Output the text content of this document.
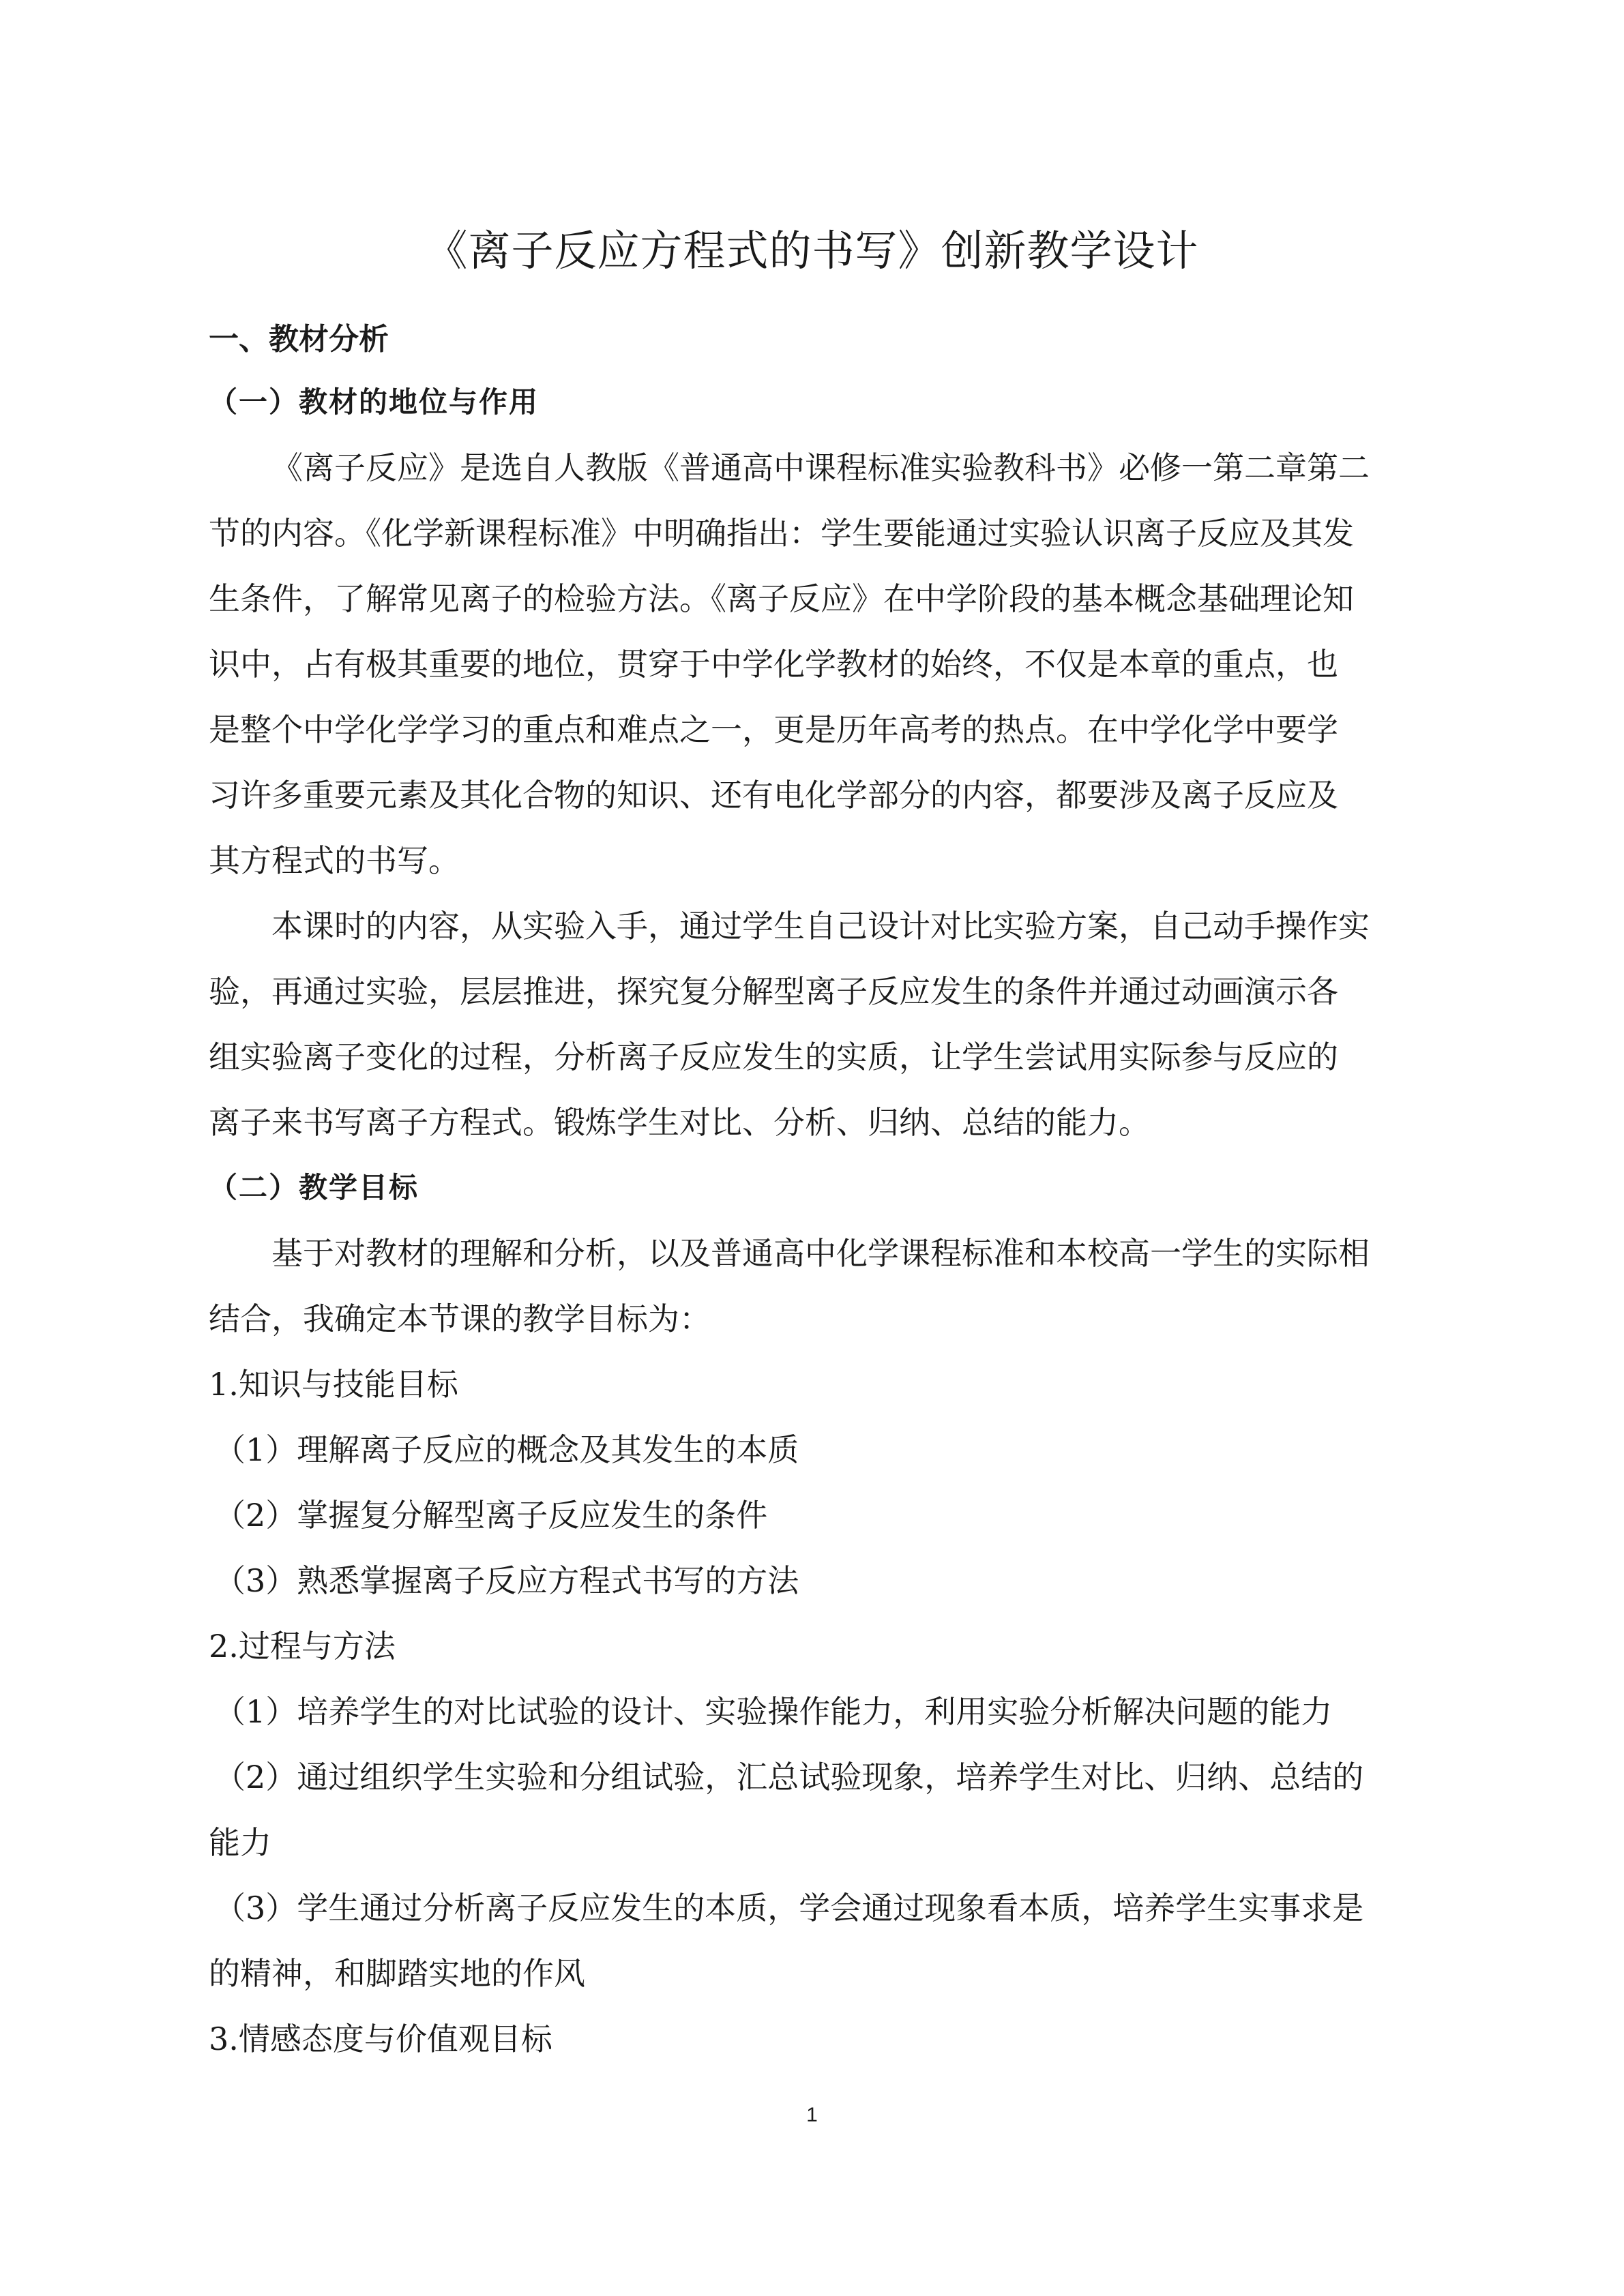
《离子反应方程式的书写》创新教学设计
一、教材分析
（一）教材的地位与作用
《离子反应》是选自人教版《普通高中课程标准实验教科书》必修一第二章第二
节的内容。《化学新课程标准》中明确指出：学生要能通过实验认识离子反应及其发
生条件，了解常见离子的检验方法。《离子反应》在中学阶段的基本概念基础理论知
识中，占有极其重要的地位，贯穿于中学化学教材的始终，不仅是本章的重点，也
是整个中学化学学习的重点和难点之一，更是历年高考的热点。在中学化学中要学
习许多重要元素及其化合物的知识、还有电化学部分的内容，都要涉及离子反应及
其方程式的书写。
本课时的内容，从实验入手，通过学生自己设计对比实验方案，自己动手操作实
验，再通过实验，层层推进，探究复分解型离子反应发生的条件并通过动画演示各
组实验离子变化的过程，分析离子反应发生的实质，让学生尝试用实际参与反应的
离子来书写离子方程式。锻炼学生对比、分析、归纳、总结的能力。
（二）教学目标
基于对教材的理解和分析，以及普通高中化学课程标准和本校高一学生的实际相
结合，我确定本节课的教学目标为：
1.知识与技能目标
（1）理解离子反应的概念及其发生的本质
（2）掌握复分解型离子反应发生的条件
（3）熟悉掌握离子反应方程式书写的方法
2.过程与方法
（1）培养学生的对比试验的设计、实验操作能力，利用实验分析解决问题的能力
（2）通过组织学生实验和分组试验，汇总试验现象，培养学生对比、归纳、总结的
能力
（3）学生通过分析离子反应发生的本质，学会通过现象看本质，培养学生实事求是
的精神，和脚踏实地的作风
3.情感态度与价值观目标
1
